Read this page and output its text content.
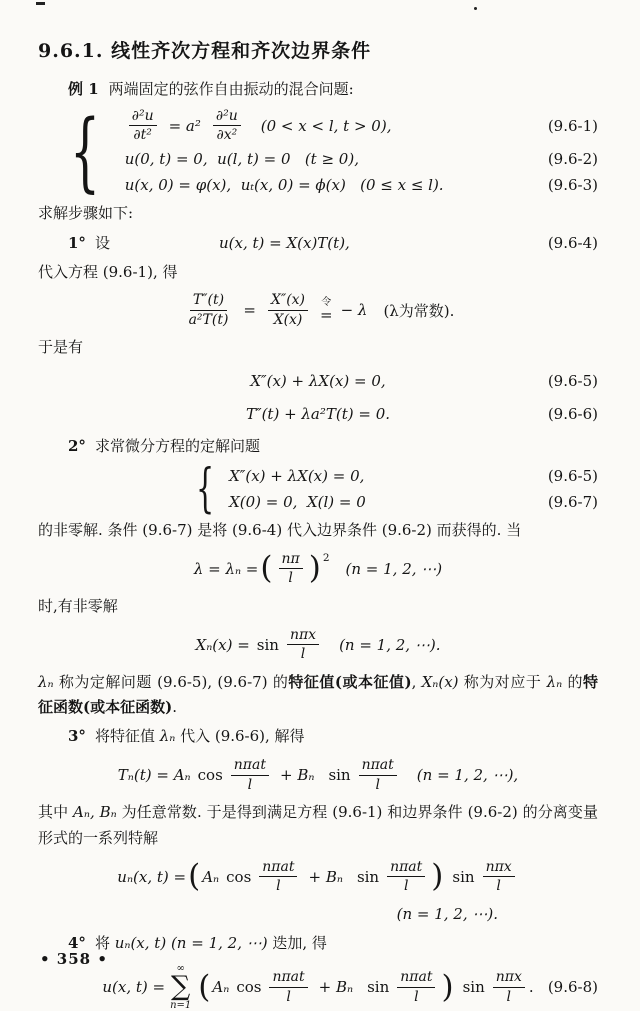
9.6.1. 线性齐次方程和齐次边界条件

例 1 两端固定的弦作自由振动的混合问题:

{ $\frac{\text{∂²u}}{\text{∂t²}} = a^2 \frac{\text{∂²u}}{\text{∂x²}} (0 < x < l$, t > 0),	(9.6-1)
u(0, t) = 0,  u(l, t) = 0   (t ≥ 0),	(9.6-2)
u(x, 0) = φ(x),  uₜ(x, 0) = ϕ(x)   (0 ≤ x ≤ l).	(9.6-3)

求解步骤如下:

1° 设	u(x, t) = X(x)T(t),	(9.6-4)

代入方程 (9.6-1), 得

$\frac{T''(t)}{\text{a²T(t)}} = \frac{X''(x)}{X(x)}$ 令
= − λ (λ为常数).

于是有

X″(x) + λX(x) = 0,	(9.6-5)
T″(t) + λa²T(t) = 0.	(9.6-6)

2° 求常微分方程的定解问题

{ X″(x) + λX(x) = 0,	(9.6-5)
X(0) = 0,  X(l) = 0	(9.6-7)

的非零解. 条件 (9.6-7) 是将 (9.6-4) 代入边界条件 (9.6-2) 而获得的. 当

λ = λₙ = ( $\frac{n\pi}{l}$ ) 2
(n = 1, 2, ⋯)

时,有非零解

$X_n(x) = \sin \frac{\text{nπx}}{l} (n = 1$, 2, ⋯).

λₙ 称为定解问题 (9.6-5), (9.6-7) 的特征值(或本征值), Xₙ(x) 称为对应于 λₙ 的特征函数(或本征函数).

3° 将特征值 λₙ 代入 (9.6-6), 解得

Tₙ(t) = Aₙ $\cos \frac{\text{nπat}}{l} + B_n$ $\sin \frac{\text{nπat}}{l} (n = 1$, 2, ⋯),

其中 Aₙ, Bₙ 为任意常数. 于是得到满足方程 (9.6-1) 和边界条件 (9.6-2) 的分离变量形式的一系列特解

uₙ(x, t) = ( Aₙ $\cos \frac{\text{nπat}}{l} + B_n$ $\sin \frac{\text{nπat}}{l}$ ) $\sin \frac{\text{nπx}}{l}$

(n = 1, 2, ⋯).

4° 将 uₙ(x, t) (n = 1, 2, ⋯) 迭加, 得

u(x, t) =
∞
∑
n=1
( Aₙ $\cos \frac{\text{nπat}}{l} + B_n$ $\sin \frac{\text{nπat}}{l}$ ) $\sin \frac{\text{nπx}}{l}$ . (9.6-8)
• 358 •
